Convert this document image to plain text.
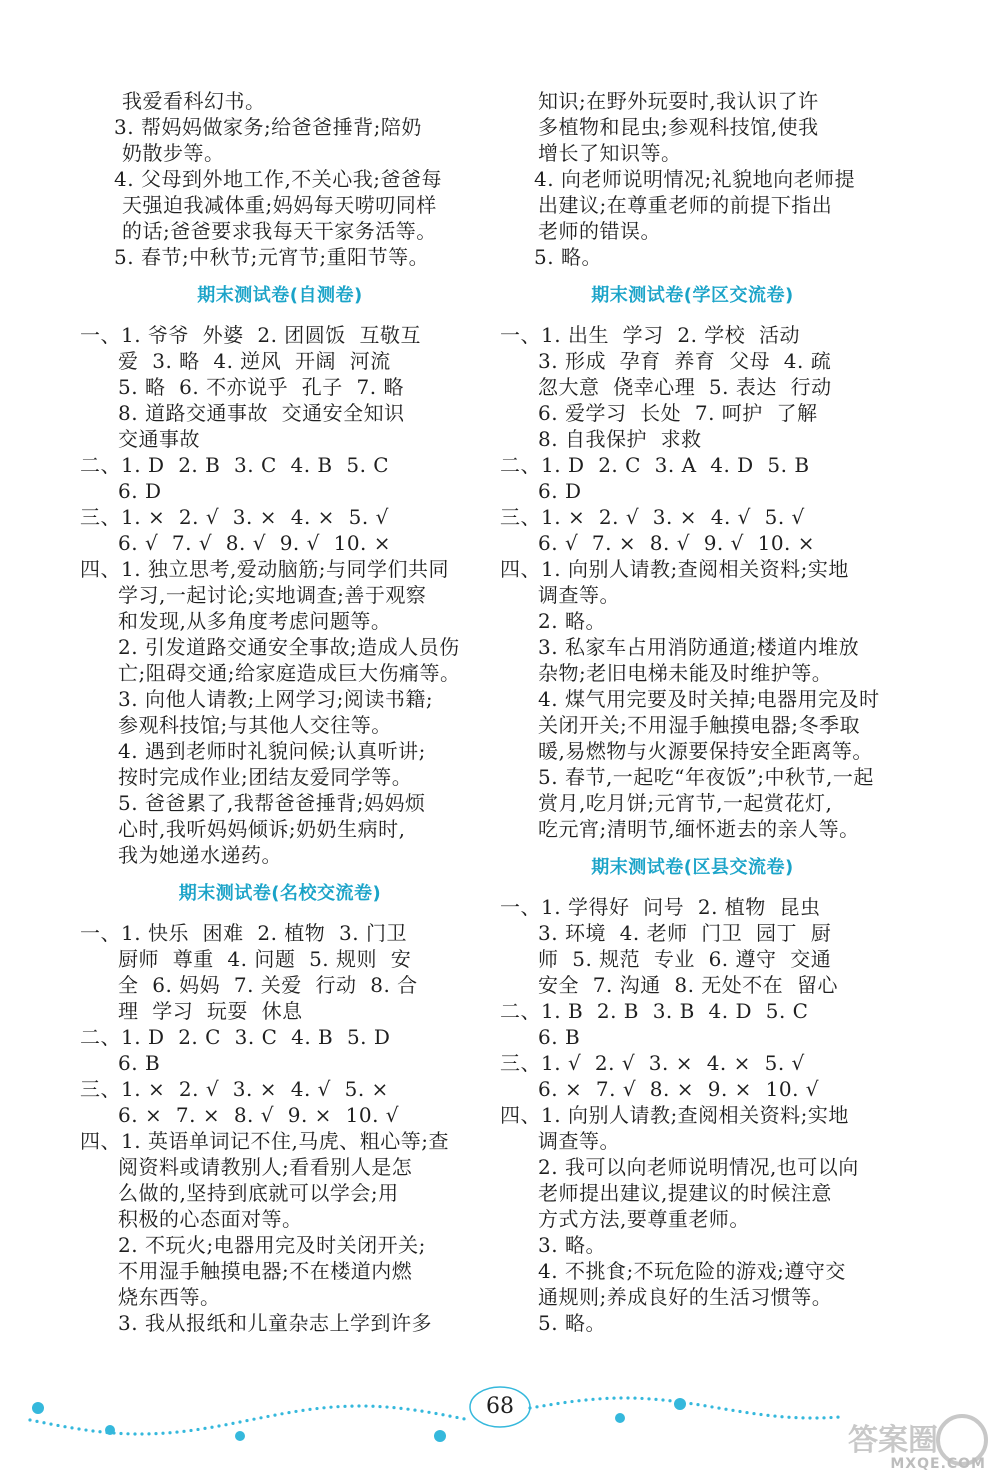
我爱看科幻书。
3. 帮妈妈做家务;给爸爸捶背;陪奶
奶散步等。
4. 父母到外地工作,不关心我;爸爸每
天强迫我减体重;妈妈每天唠叨同样
的话;爸爸要求我每天干家务活等。
5. 春节;中秋节;元宵节;重阳节等。
期末测试卷(自测卷)
一、1. 爷爷  外婆  2. 团圆饭  互敬互
爱  3. 略  4. 逆风  开阔  河流
5. 略  6. 不亦说乎  孔子  7. 略
8. 道路交通事故  交通安全知识
交通事故
二、1. D  2. B  3. C  4. B  5. C
6. D
三、1. ×  2. √  3. ×  4. ×  5. √
6. √  7. √  8. √  9. √  10. ×
四、1. 独立思考,爱动脑筋;与同学们共同
学习,一起讨论;实地调查;善于观察
和发现,从多角度考虑问题等。
2. 引发道路交通安全事故;造成人员伤
亡;阻碍交通;给家庭造成巨大伤痛等。
3. 向他人请教;上网学习;阅读书籍;
参观科技馆;与其他人交往等。
4. 遇到老师时礼貌问候;认真听讲;
按时完成作业;团结友爱同学等。
5. 爸爸累了,我帮爸爸捶背;妈妈烦
心时,我听妈妈倾诉;奶奶生病时,
我为她递水递药。
期末测试卷(名校交流卷)
一、1. 快乐  困难  2. 植物  3. 门卫
厨师  尊重  4. 问题  5. 规则  安
全  6. 妈妈  7. 关爱  行动  8. 合
理  学习  玩耍  休息
二、1. D  2. C  3. C  4. B  5. D
6. B
三、1. ×  2. √  3. ×  4. √  5. ×
6. ×  7. ×  8. √  9. ×  10. √
四、1. 英语单词记不住,马虎、粗心等;查
阅资料或请教别人;看看别人是怎
么做的,坚持到底就可以学会;用
积极的心态面对等。
2. 不玩火;电器用完及时关闭开关;
不用湿手触摸电器;不在楼道内燃
烧东西等。
3. 我从报纸和儿童杂志上学到许多
知识;在野外玩耍时,我认识了许
多植物和昆虫;参观科技馆,使我
增长了知识等。
4. 向老师说明情况;礼貌地向老师提
出建议;在尊重老师的前提下指出
老师的错误。
5. 略。
期末测试卷(学区交流卷)
一、1. 出生  学习  2. 学校  活动
3. 形成  孕育  养育  父母  4. 疏
忽大意  侥幸心理  5. 表达  行动
6. 爱学习  长处  7. 呵护  了解
8. 自我保护  求救
二、1. D  2. C  3. A  4. D  5. B
6. D
三、1. ×  2. √  3. ×  4. √  5. √
6. √  7. ×  8. √  9. √  10. ×
四、1. 向别人请教;查阅相关资料;实地
调查等。
2. 略。
3. 私家车占用消防通道;楼道内堆放
杂物;老旧电梯未能及时维护等。
4. 煤气用完要及时关掉;电器用完及时
关闭开关;不用湿手触摸电器;冬季取
暖,易燃物与火源要保持安全距离等。
5. 春节,一起吃“年夜饭”;中秋节,一起
赏月,吃月饼;元宵节,一起赏花灯,
吃元宵;清明节,缅怀逝去的亲人等。
期末测试卷(区县交流卷)
一、1. 学得好  问号  2. 植物  昆虫
3. 环境  4. 老师  门卫  园丁  厨
师  5. 规范  专业  6. 遵守  交通
安全  7. 沟通  8. 无处不在  留心
二、1. B  2. B  3. B  4. D  5. C
6. B
三、1. √  2. √  3. ×  4. ×  5. √
6. ×  7. √  8. ×  9. ×  10. √
四、1. 向别人请教;查阅相关资料;实地
调查等。
2. 我可以向老师说明情况,也可以向
老师提出建议,提建议的时候注意
方式方法,要尊重老师。
3. 略。
4. 不挑食;不玩危险的游戏;遵守交
通规则;养成良好的生活习惯等。
5. 略。
68
答案圈
MXQE.COM
